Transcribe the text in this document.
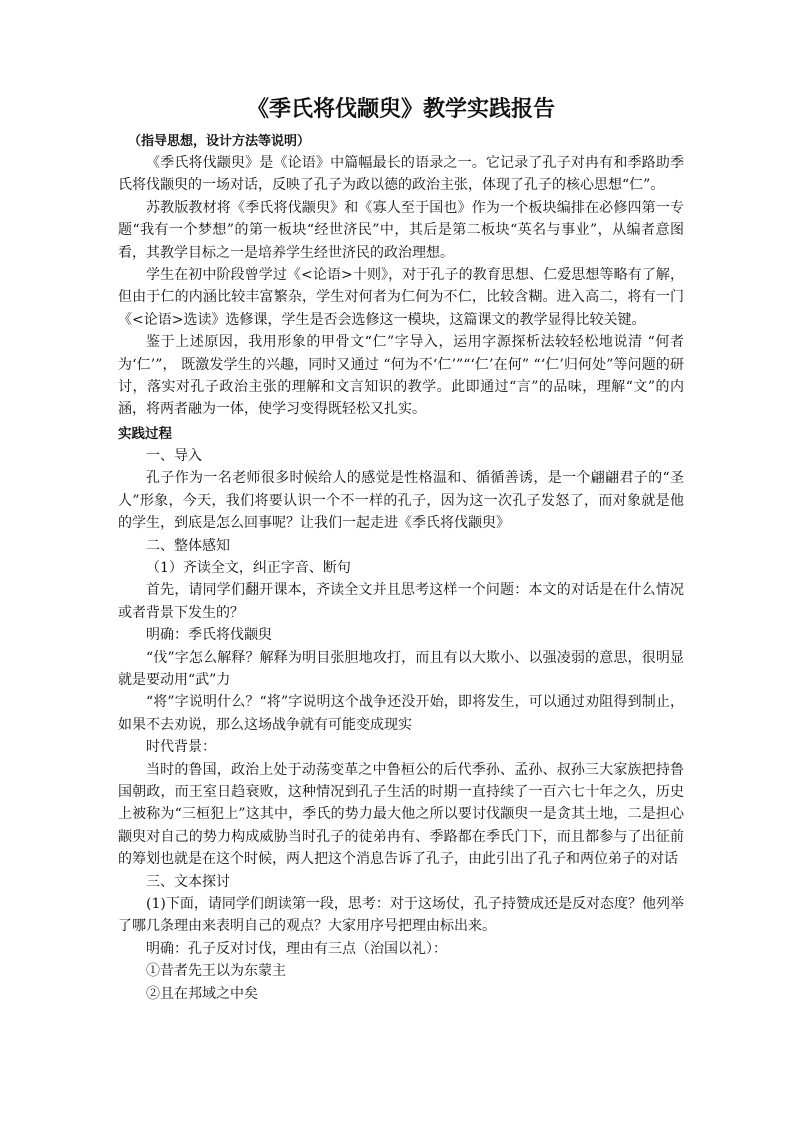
《季氏将伐颛臾》教学实践报告
（指导思想，设计方法等说明）

《季氏将伐颛臾》是《论语》中篇幅最长的语录之一。它记录了孔子对冉有和季路助季氏将伐颛臾的一场对话，反映了孔子为政以德的政治主张，体现了孔子的核心思想“仁”。

苏教版教材将《季氏将伐颛臾》和《寡人至于国也》作为一个板块编排在必修四第一专题“我有一个梦想”的第一板块“经世济民”中，其后是第二板块“英名与事业”，从编者意图看，其教学目标之一是培养学生经世济民的政治理想。

学生在初中阶段曾学过《<论语>十则》，对于孔子的教育思想、仁爱思想等略有了解，但由于仁的内涵比较丰富繁杂，学生对何者为仁何为不仁，比较含糊。进入高二，将有一门《<论语>选读》选修课，学生是否会选修这一模块，这篇课文的教学显得比较关键。

鉴于上述原因，我用形象的甲骨文“仁”字导入，运用字源探析法较轻松地说清 “何者为‘仁’”， 既激发学生的兴趣，同时又通过 “何为不‘仁’”“‘仁’在何” “‘仁’归何处”等问题的研讨，落实对孔子政治主张的理解和文言知识的教学。此即通过“言”的品味，理解“文”的内涵，将两者融为一体，使学习变得既轻松又扎实。

实践过程

一、导入

孔子作为一名老师很多时候给人的感觉是性格温和、循循善诱，是一个翩翩君子的“圣人”形象，今天，我们将要认识一个不一样的孔子，因为这一次孔子发怒了，而对象就是他的学生，到底是怎么回事呢？让我们一起走进《季氏将伐颛臾》

二、整体感知

（1）齐读全文，纠正字音、断句

首先，请同学们翻开课本，齐读全文并且思考这样一个问题：本文的对话是在什么情况或者背景下发生的？

明确：季氏将伐颛臾

“伐”字怎么解释？解释为明目张胆地攻打，而且有以大欺小、以强凌弱的意思，很明显就是要动用“武”力

“将”字说明什么？“将”字说明这个战争还没开始，即将发生，可以通过劝阻得到制止，如果不去劝说，那么这场战争就有可能变成现实

时代背景：

当时的鲁国，政治上处于动荡变革之中鲁桓公的后代季孙、孟孙、叔孙三大家族把持鲁国朝政，而王室日趋衰败，这种情况到孔子生活的时期一直持续了一百六七十年之久，历史上被称为“三桓犯上”这其中，季氏的势力最大他之所以要讨伐颛臾一是贪其土地，二是担心颛臾对自己的势力构成威胁当时孔子的徒弟冉有、季路都在季氏门下，而且都参与了出征前的筹划也就是在这个时候，两人把这个消息告诉了孔子，由此引出了孔子和两位弟子的对话

三、文本探讨

(1)下面，请同学们朗读第一段，思考：对于这场仗，孔子持赞成还是反对态度？他列举了哪几条理由来表明自己的观点？大家用序号把理由标出来。

明确：孔子反对讨伐，理由有三点（治国以礼）：

①昔者先王以为东蒙主

②且在邦域之中矣
